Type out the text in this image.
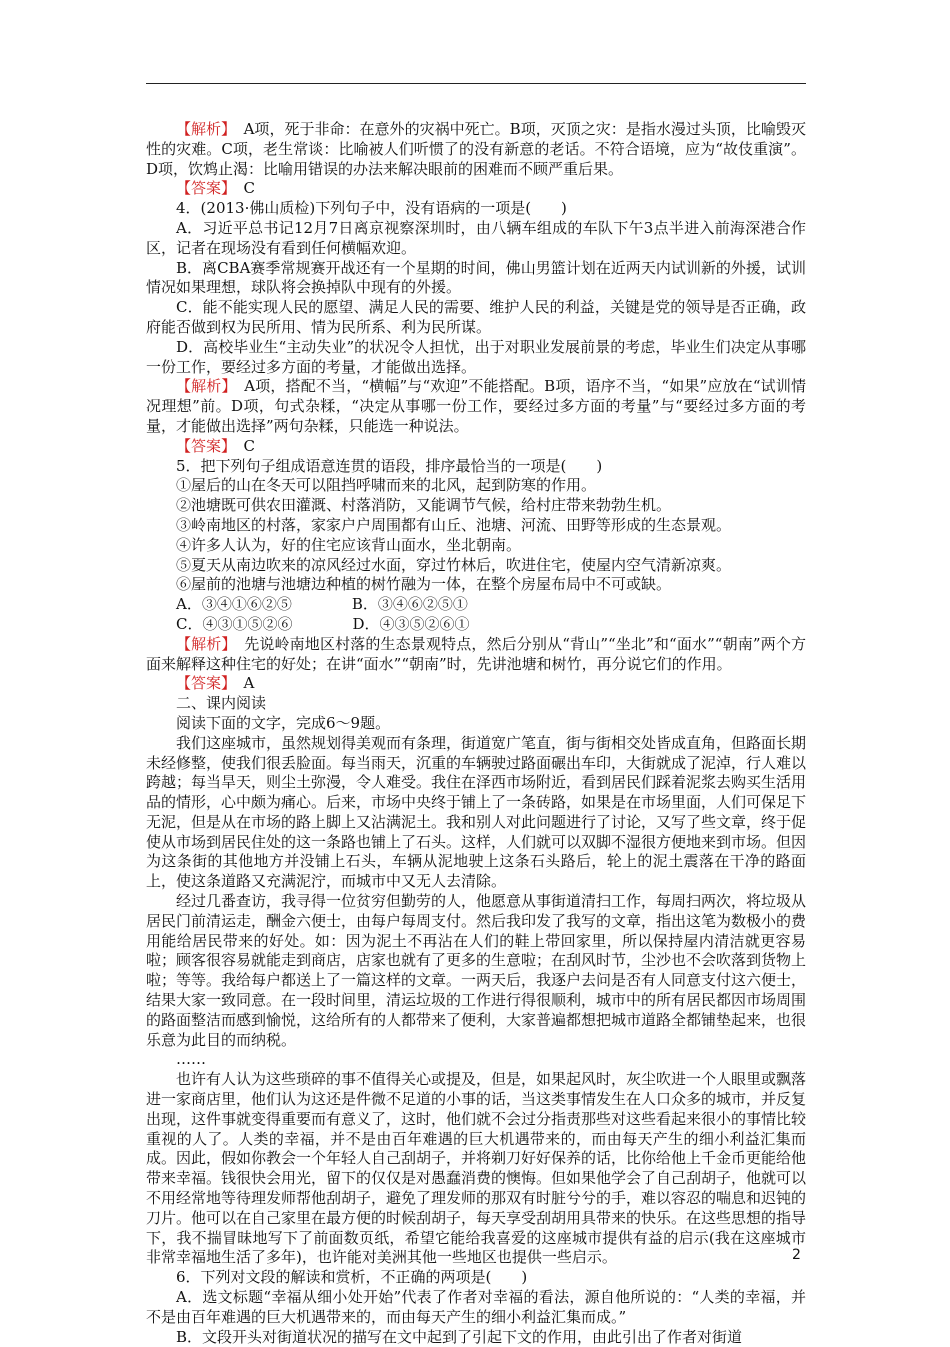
【解析】　 A项，死于非命：在意外的灾祸中死亡。B项，灭顶之灾：是指水漫过头顶，比喻毁灭性的灾难。C项，老生常谈：比喻被人们听惯了的没有新意的老话。不符合语境，应为“故伎重演”。D项，饮鸩止渴：比喻用错误的办法来解决眼前的困难而不顾严重后果。

【答案】　 C

4．(2013·佛山质检)下列句子中，没有语病的一项是(　　)

A．习近平总书记12月7日离京视察深圳时，由八辆车组成的车队下午3点半进入前海深港合作区，记者在现场没有看到任何横幅欢迎。

B．离CBA赛季常规赛开战还有一个星期的时间，佛山男篮计划在近两天内试训新的外援，试训情况如果理想，球队将会换掉队中现有的外援。

C．能不能实现人民的愿望、满足人民的需要、维护人民的利益，关键是党的领导是否正确，政府能否做到权为民所用、情为民所系、利为民所谋。

D．高校毕业生“主动失业”的状况令人担忧，出于对职业发展前景的考虑，毕业生们决定从事哪一份工作，要经过多方面的考量，才能做出选择。

【解析】　 A项，搭配不当，“横幅”与“欢迎”不能搭配。B项，语序不当，“如果”应放在“试训情况理想”前。D项，句式杂糅，“决定从事哪一份工作，要经过多方面的考量”与“要经过多方面的考量，才能做出选择”两句杂糅，只能选一种说法。

【答案】　 C

5．把下列句子组成语意连贯的语段，排序最恰当的一项是(　　)

①屋后的山在冬天可以阻挡呼啸而来的北风，起到防寒的作用。

②池塘既可供农田灌溉、村落消防，又能调节气候，给村庄带来勃勃生机。

③岭南地区的村落，家家户户周围都有山丘、池塘、河流、田野等形成的生态景观。

④许多人认为，好的住宅应该背山面水，坐北朝南。

⑤夏天从南边吹来的凉风经过水面，穿过竹林后，吹进住宅，使屋内空气清新凉爽。

⑥屋前的池塘与池塘边种植的树竹融为一体，在整个房屋布局中不可或缺。

A．③④①⑥②⑤　　　　B．③④⑥②⑤①

C．④③①⑤②⑥　　　　D．④③⑤②⑥①

【解析】　 先说岭南地区村落的生态景观特点，然后分别从“背山”“坐北”和“面水”“朝南”两个方面来解释这种住宅的好处；在讲“面水”“朝南”时，先讲池塘和树竹，再分说它们的作用。

【答案】　 A

二、课内阅读

阅读下面的文字，完成6～9题。

我们这座城市，虽然规划得美观而有条理，街道宽广笔直，街与街相交处皆成直角，但路面长期未经修整，使我们很丢脸面。每当雨天，沉重的车辆驶过路面碾出车印，大街就成了泥淖，行人难以跨越；每当旱天，则尘土弥漫，令人难受。我住在泽西市场附近，看到居民们踩着泥浆去购买生活用品的情形，心中颇为痛心。后来，市场中央终于铺上了一条砖路，如果是在市场里面，人们可保足下无泥，但是从在市场的路上脚上又沾满泥土。我和别人对此问题进行了讨论，又写了些文章，终于促使从市场到居民住处的这一条路也铺上了石头。这样，人们就可以双脚不湿很方便地来到市场。但因为这条街的其他地方并没铺上石头，车辆从泥地驶上这条石头路后，轮上的泥土震落在干净的路面上，使这条道路又充满泥泞，而城市中又无人去清除。

经过几番查访，我寻得一位贫穷但勤劳的人，他愿意从事街道清扫工作，每周扫两次，将垃圾从居民门前清运走，酬金六便士，由每户每周支付。然后我印发了我写的文章，指出这笔为数极小的费用能给居民带来的好处。如：因为泥土不再沾在人们的鞋上带回家里，所以保持屋内清洁就更容易啦；顾客很容易就能走到商店，店家也就有了更多的生意啦；在刮风时节，尘沙也不会吹落到货物上啦；等等。我给每户都送上了一篇这样的文章。一两天后，我逐户去问是否有人同意支付这六便士，结果大家一致同意。在一段时间里，清运垃圾的工作进行得很顺利，城市中的所有居民都因市场周围的路面整洁而感到愉悦，这给所有的人都带来了便利，大家普遍都想把城市道路全都铺垫起来，也很乐意为此目的而纳税。

……

也许有人认为这些琐碎的事不值得关心或提及，但是，如果起风时，灰尘吹进一个人眼里或飘落进一家商店里，他们认为这还是件微不足道的小事的话，当这类事情发生在人口众多的城市，并反复出现，这件事就变得重要而有意义了，这时，他们就不会过分指责那些对这些看起来很小的事情比较重视的人了。人类的幸福，并不是由百年难遇的巨大机遇带来的，而由每天产生的细小利益汇集而成。因此，假如你教会一个年轻人自己刮胡子，并将剃刀好好保养的话，比你给他上千金币更能给他带来幸福。钱很快会用光，留下的仅仅是对愚蠢消费的懊悔。但如果他学会了自己刮胡子，他就可以不用经常地等待理发师帮他刮胡子，避免了理发师的那双有时脏兮兮的手，难以容忍的喘息和迟钝的刀片。他可以在自己家里在最方便的时候刮胡子，每天享受刮胡用具带来的快乐。在这些思想的指导下，我不揣冒昧地写下了前面数页纸，希望它能给我喜爱的这座城市提供有益的启示(我在这座城市非常幸福地生活了多年)，也许能对美洲其他一些地区也提供一些启示。

6．下列对文段的解读和赏析，不正确的两项是(　　)

A．选文标题“幸福从细小处开始”代表了作者对幸福的看法，源自他所说的：“人类的幸福，并不是由百年难遇的巨大机遇带来的，而由每天产生的细小利益汇集而成。”

B．文段开头对街道状况的描写在文中起到了引起下文的作用，由此引出了作者对街道

2
